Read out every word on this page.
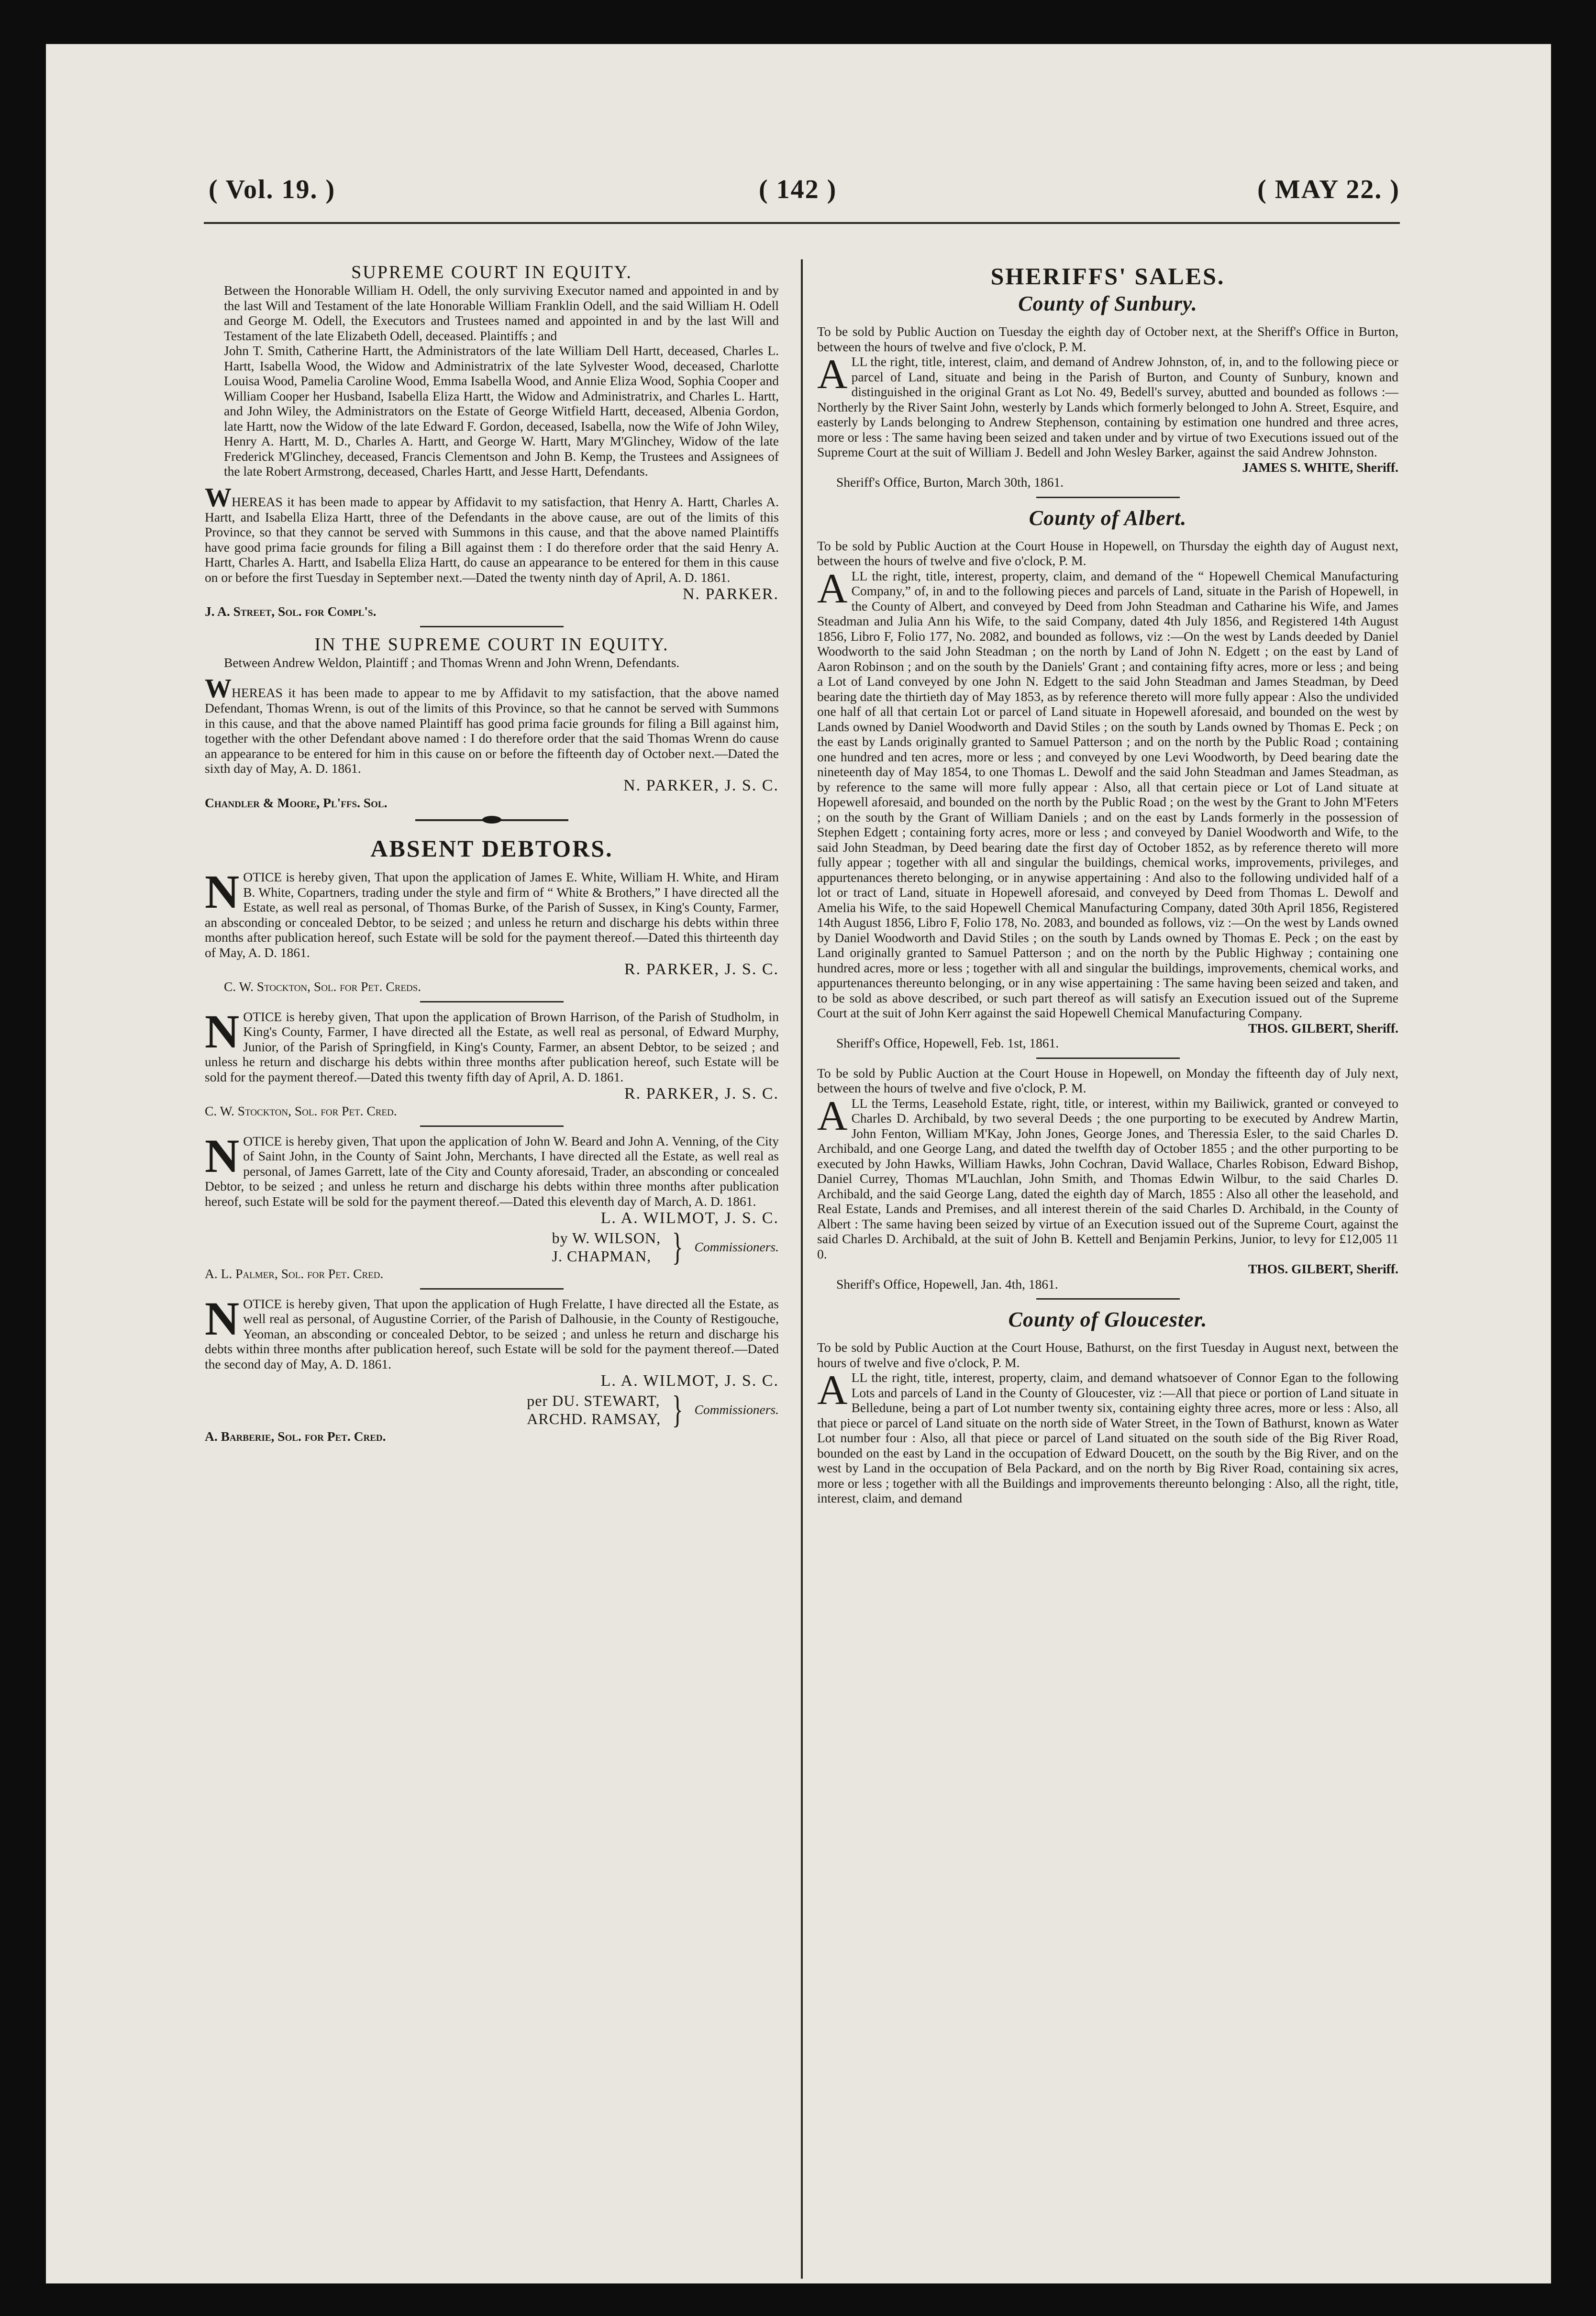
( Vol. 19. )	( 142 )	( MAY 22. )

SUPREME COURT IN EQUITY.

Between the Honorable William H. Odell, the only surviving Executor named and appointed in and by the last Will and Testament of the late Honorable William Franklin Odell, and the said William H. Odell and George M. Odell, the Executors and Trustees named and appointed in and by the last Will and Testament of the late Elizabeth Odell, deceased. Plaintiffs ; and

John T. Smith, Catherine Hartt, the Administrators of the late William Dell Hartt, deceased, Charles L. Hartt, Isabella Wood, the Widow and Administratrix of the late Sylvester Wood, deceased, Charlotte Louisa Wood, Pamelia Caroline Wood, Emma Isabella Wood, and Annie Eliza Wood, Sophia Cooper and William Cooper her Husband, Isabella Eliza Hartt, the Widow and Administratrix, and Charles L. Hartt, and John Wiley, the Administrators on the Estate of George Witfield Hartt, deceased, Albenia Gordon, late Hartt, now the Widow of the late Edward F. Gordon, deceased, Isabella, now the Wife of John Wiley, Henry A. Hartt, M. D., Charles A. Hartt, and George W. Hartt, Mary M'Glinchey, Widow of the late Frederick M'Glinchey, deceased, Francis Clementson and John B. Kemp, the Trustees and Assignees of the late Robert Armstrong, deceased, Charles Hartt, and Jesse Hartt, Defendants.

WHEREAS it has been made to appear by Affidavit to my satisfaction, that Henry A. Hartt, Charles A. Hartt, and Isabella Eliza Hartt, three of the Defendants in the above cause, are out of the limits of this Province, so that they cannot be served with Summons in this cause, and that the above named Plaintiffs have good prima facie grounds for filing a Bill against them : I do therefore order that the said Henry A. Hartt, Charles A. Hartt, and Isabella Eliza Hartt, do cause an appearance to be entered for them in this cause on or before the first Tuesday in September next.—Dated the twenty ninth day of April, A. D. 1861.

N. PARKER.

J. A. Street, Sol. for Compl's.

IN THE SUPREME COURT IN EQUITY.

Between Andrew Weldon, Plaintiff ; and Thomas Wrenn and John Wrenn, Defendants.

WHEREAS it has been made to appear to me by Affidavit to my satisfaction, that the above named Defendant, Thomas Wrenn, is out of the limits of this Province, so that he cannot be served with Summons in this cause, and that the above named Plaintiff has good prima facie grounds for filing a Bill against him, together with the other Defendant above named : I do therefore order that the said Thomas Wrenn do cause an appearance to be entered for him in this cause on or before the fifteenth day of October next.—Dated the sixth day of May, A. D. 1861.

N. PARKER, J. S. C.

Chandler & Moore, Pl'ffs. Sol.

ABSENT DEBTORS.

NOTICE is hereby given, That upon the application of James E. White, William H. White, and Hiram B. White, Copartners, trading under the style and firm of “ White & Brothers,” I have directed all the Estate, as well real as personal, of Thomas Burke, of the Parish of Sussex, in King's County, Farmer, an absconding or concealed Debtor, to be seized ; and unless he return and discharge his debts within three months after publication hereof, such Estate will be sold for the payment thereof.—Dated this thirteenth day of May, A. D. 1861.

R. PARKER, J. S. C.

C. W. Stockton, Sol. for Pet. Creds.

NOTICE is hereby given, That upon the application of Brown Harrison, of the Parish of Studholm, in King's County, Farmer, I have directed all the Estate, as well real as personal, of Edward Murphy, Junior, of the Parish of Springfield, in King's County, Farmer, an absent Debtor, to be seized ; and unless he return and discharge his debts within three months after publication hereof, such Estate will be sold for the payment thereof.—Dated this twenty fifth day of April, A. D. 1861.

R. PARKER, J. S. C.

C. W. Stockton, Sol. for Pet. Cred.

NOTICE is hereby given, That upon the application of John W. Beard and John A. Venning, of the City of Saint John, in the County of Saint John, Merchants, I have directed all the Estate, as well real as personal, of James Garrett, late of the City and County aforesaid, Trader, an absconding or concealed Debtor, to be seized ; and unless he return and discharge his debts within three months after publication hereof, such Estate will be sold for the payment thereof.—Dated this eleventh day of March, A. D. 1861.

L. A. WILMOT, J. S. C.

by W. WILSON,
J. CHAPMAN, } Commissioners.

A. L. Palmer, Sol. for Pet. Cred.

NOTICE is hereby given, That upon the application of Hugh Frelatte, I have directed all the Estate, as well real as personal, of Augustine Corrier, of the Parish of Dalhousie, in the County of Restigouche, Yeoman, an absconding or concealed Debtor, to be seized ; and unless he return and discharge his debts within three months after publication hereof, such Estate will be sold for the payment thereof.—Dated the second day of May, A. D. 1861.

L. A. WILMOT, J. S. C.

per DU. STEWART,
ARCHD. RAMSAY, } Commissioners.

A. Barberie, Sol. for Pet. Cred.

SHERIFFS' SALES.

County of Sunbury.

To be sold by Public Auction on Tuesday the eighth day of October next, at the Sheriff's Office in Burton, between the hours of twelve and five o'clock, P. M.

ALL the right, title, interest, claim, and demand of Andrew Johnston, of, in, and to the following piece or parcel of Land, situate and being in the Parish of Burton, and County of Sunbury, known and distinguished in the original Grant as Lot No. 49, Bedell's survey, abutted and bounded as follows :—Northerly by the River Saint John, westerly by Lands which formerly belonged to John A. Street, Esquire, and easterly by Lands belonging to Andrew Stephenson, containing by estimation one hundred and three acres, more or less : The same having been seized and taken under and by virtue of two Executions issued out of the Supreme Court at the suit of William J. Bedell and John Wesley Barker, against the said Andrew Johnston.

JAMES S. WHITE, Sheriff.

Sheriff's Office, Burton, March 30th, 1861.

County of Albert.

To be sold by Public Auction at the Court House in Hopewell, on Thursday the eighth day of August next, between the hours of twelve and five o'clock, P. M.

ALL the right, title, interest, property, claim, and demand of the “ Hopewell Chemical Manufacturing Company,” of, in and to the following pieces and parcels of Land, situate in the Parish of Hopewell, in the County of Albert, and conveyed by Deed from John Steadman and Catharine his Wife, and James Steadman and Julia Ann his Wife, to the said Company, dated 4th July 1856, and Registered 14th August 1856, Libro F, Folio 177, No. 2082, and bounded as follows, viz :—On the west by Lands deeded by Daniel Woodworth to the said John Steadman ; on the north by Land of John N. Edgett ; on the east by Land of Aaron Robinson ; and on the south by the Daniels' Grant ; and containing fifty acres, more or less ; and being a Lot of Land conveyed by one John N. Edgett to the said John Steadman and James Steadman, by Deed bearing date the thirtieth day of May 1853, as by reference thereto will more fully appear : Also the undivided one half of all that certain Lot or parcel of Land situate in Hopewell aforesaid, and bounded on the west by Lands owned by Daniel Woodworth and David Stiles ; on the south by Lands owned by Thomas E. Peck ; on the east by Lands originally granted to Samuel Patterson ; and on the north by the Public Road ; containing one hundred and ten acres, more or less ; and conveyed by one Levi Woodworth, by Deed bearing date the nineteenth day of May 1854, to one Thomas L. Dewolf and the said John Steadman and James Steadman, as by reference to the same will more fully appear : Also, all that certain piece or Lot of Land situate at Hopewell aforesaid, and bounded on the north by the Public Road ; on the west by the Grant to John M'Feters ; on the south by the Grant of William Daniels ; and on the east by Lands formerly in the possession of Stephen Edgett ; containing forty acres, more or less ; and conveyed by Daniel Woodworth and Wife, to the said John Steadman, by Deed bearing date the first day of October 1852, as by reference thereto will more fully appear ; together with all and singular the buildings, chemical works, improvements, privileges, and appurtenances thereto belonging, or in anywise appertaining : And also to the following undivided half of a lot or tract of Land, situate in Hopewell aforesaid, and conveyed by Deed from Thomas L. Dewolf and Amelia his Wife, to the said Hopewell Chemical Manufacturing Company, dated 30th April 1856, Registered 14th August 1856, Libro F, Folio 178, No. 2083, and bounded as follows, viz :—On the west by Lands owned by Daniel Woodworth and David Stiles ; on the south by Lands owned by Thomas E. Peck ; on the east by Land originally granted to Samuel Patterson ; and on the north by the Public Highway ; containing one hundred acres, more or less ; together with all and singular the buildings, improvements, chemical works, and appurtenances thereunto belonging, or in any wise appertaining : The same having been seized and taken, and to be sold as above described, or such part thereof as will satisfy an Execution issued out of the Supreme Court at the suit of John Kerr against the said Hopewell Chemical Manufacturing Company.

THOS. GILBERT, Sheriff.

Sheriff's Office, Hopewell, Feb. 1st, 1861.

To be sold by Public Auction at the Court House in Hopewell, on Monday the fifteenth day of July next, between the hours of twelve and five o'clock, P. M.

ALL the Terms, Leasehold Estate, right, title, or interest, within my Bailiwick, granted or conveyed to Charles D. Archibald, by two several Deeds ; the one purporting to be executed by Andrew Martin, John Fenton, William M'Kay, John Jones, George Jones, and Theressia Esler, to the said Charles D. Archibald, and one George Lang, and dated the twelfth day of October 1855 ; and the other purporting to be executed by John Hawks, William Hawks, John Cochran, David Wallace, Charles Robison, Edward Bishop, Daniel Currey, Thomas M'Lauchlan, John Smith, and Thomas Edwin Wilbur, to the said Charles D. Archibald, and the said George Lang, dated the eighth day of March, 1855 : Also all other the leasehold, and Real Estate, Lands and Premises, and all interest therein of the said Charles D. Archibald, in the County of Albert : The same having been seized by virtue of an Execution issued out of the Supreme Court, against the said Charles D. Archibald, at the suit of John B. Kettell and Benjamin Perkins, Junior, to levy for £12,005 11 0.

THOS. GILBERT, Sheriff.

Sheriff's Office, Hopewell, Jan. 4th, 1861.

County of Gloucester.

To be sold by Public Auction at the Court House, Bathurst, on the first Tuesday in August next, between the hours of twelve and five o'clock, P. M.

ALL the right, title, interest, property, claim, and demand whatsoever of Connor Egan to the following Lots and parcels of Land in the County of Gloucester, viz :—All that piece or portion of Land situate in Belledune, being a part of Lot number twenty six, containing eighty three acres, more or less : Also, all that piece or parcel of Land situate on the north side of Water Street, in the Town of Bathurst, known as Water Lot number four : Also, all that piece or parcel of Land situated on the south side of the Big River Road, bounded on the east by Land in the occupation of Edward Doucett, on the south by the Big River, and on the west by Land in the occupation of Bela Packard, and on the north by Big River Road, containing six acres, more or less ; together with all the Buildings and improvements thereunto belonging : Also, all the right, title, interest, claim, and demand
